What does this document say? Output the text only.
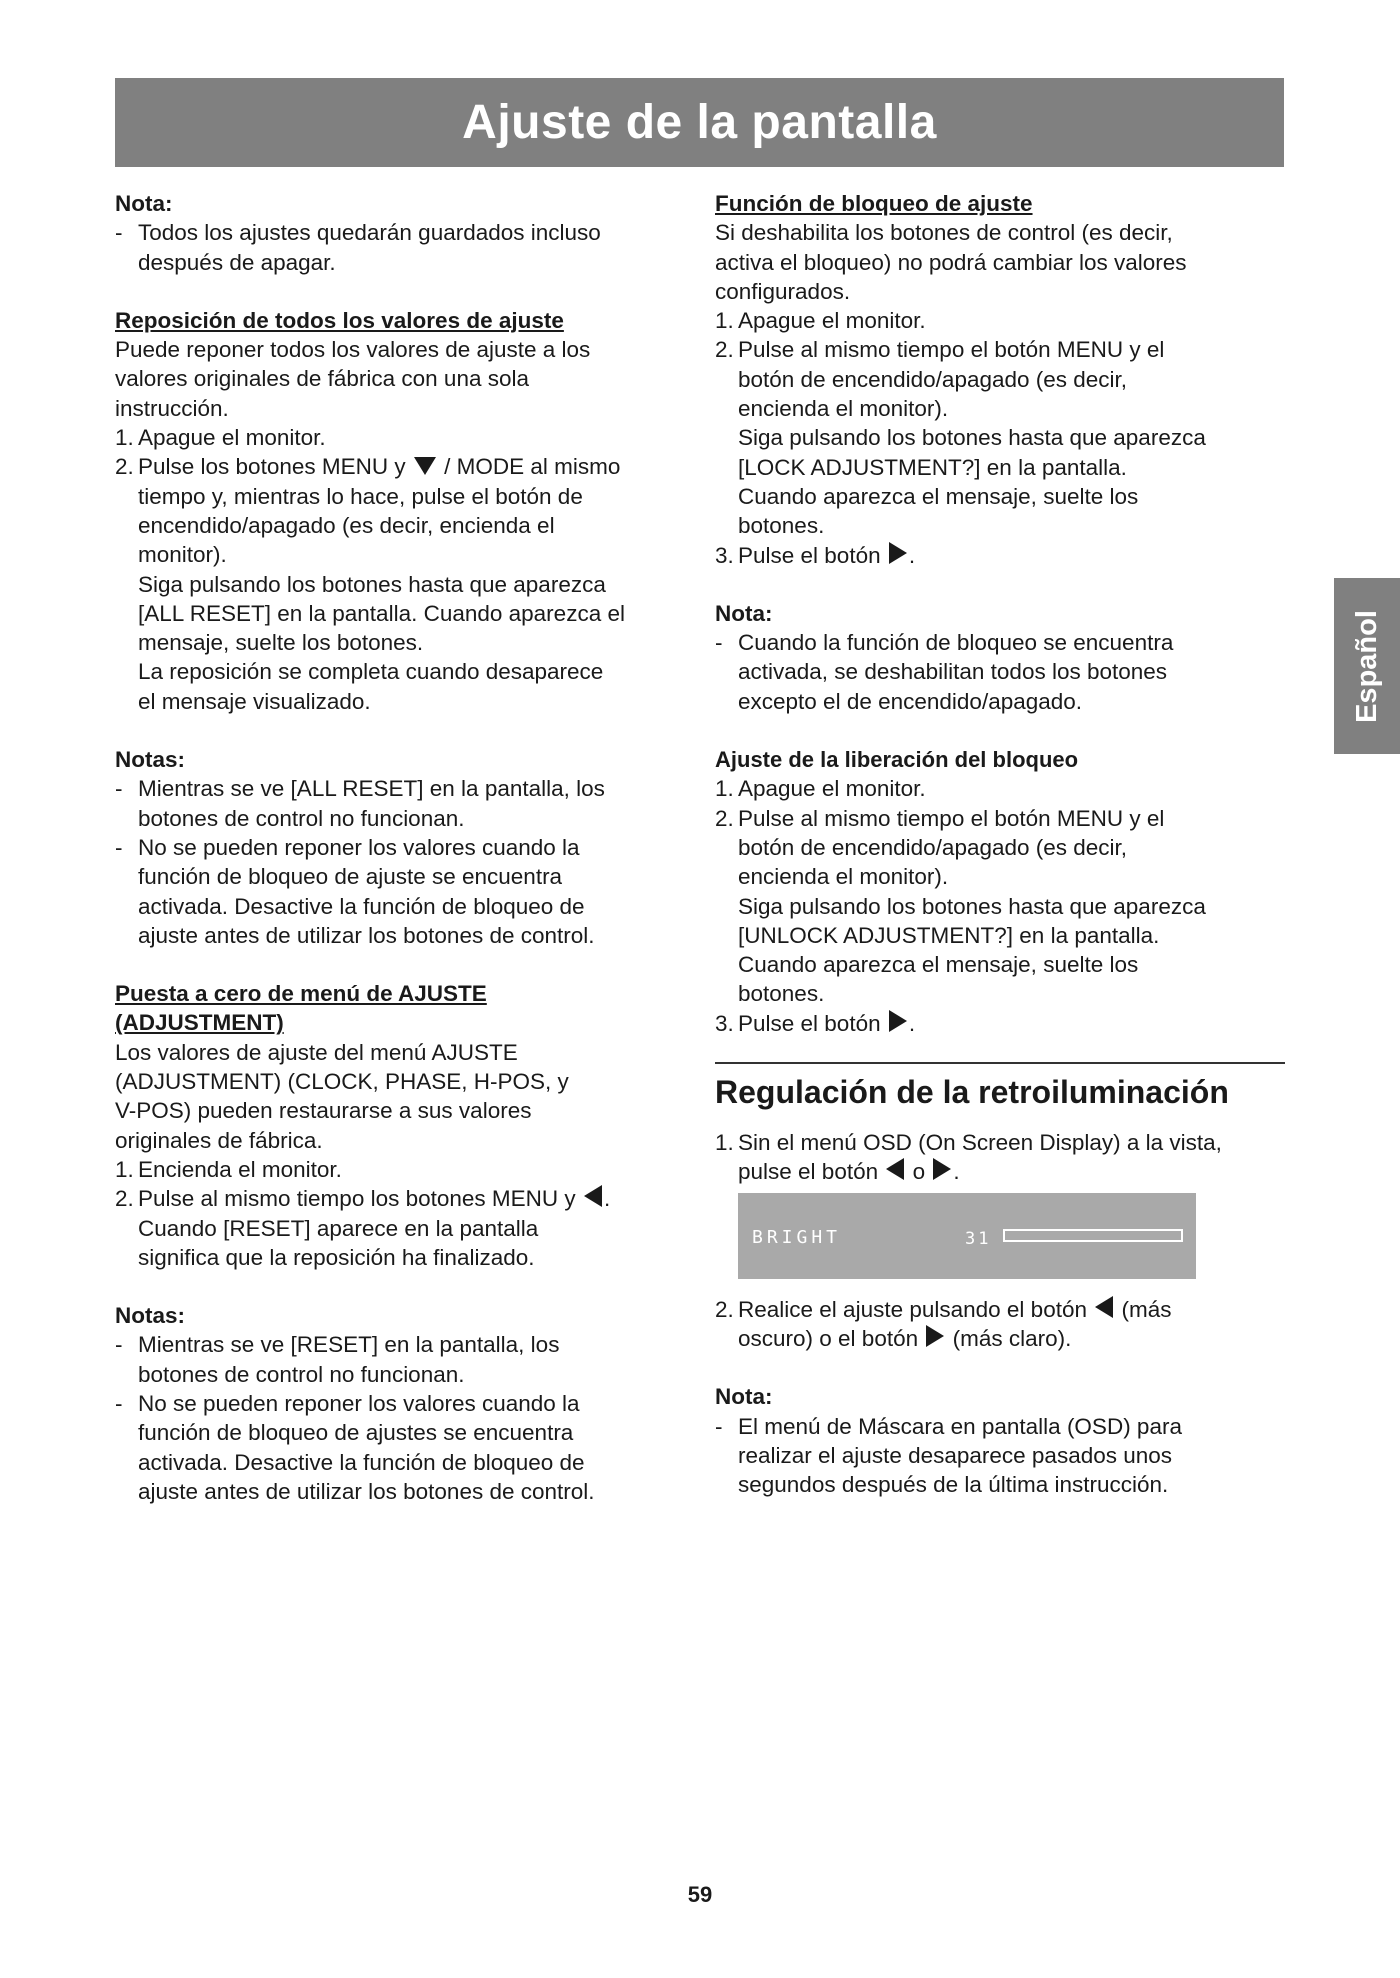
Ajuste de la pantalla
Español

Nota:

- Todos los ajustes quedarán guardados incluso
después de apagar.

Reposición de todos los valores de ajuste

Puede reponer todos los valores de ajuste a los

valores originales de fábrica con una sola

instrucción.

1. Apague el monitor.
2. Pulse los botones MENU y / MODE al mismo
tiempo y, mientras lo hace, pulse el botón de
encendido/apagado (es decir, encienda el
monitor).
Siga pulsando los botones hasta que aparezca
[ALL RESET] en la pantalla. Cuando aparezca el
mensaje, suelte los botones.
La reposición se completa cuando desaparece
el mensaje visualizado.

Notas:

- Mientras se ve [ALL RESET] en la pantalla, los
botones de control no funcionan.
- No se pueden reponer los valores cuando la
función de bloqueo de ajuste se encuentra
activada. Desactive la función de bloqueo de
ajuste antes de utilizar los botones de control.

Puesta a cero de menú de AJUSTE

(ADJUSTMENT)

Los valores de ajuste del menú AJUSTE

(ADJUSTMENT) (CLOCK, PHASE, H-POS, y

V-POS) pueden restaurarse a sus valores

originales de fábrica.

1. Encienda el monitor.
2. Pulse al mismo tiempo los botones MENU y .
Cuando [RESET] aparece en la pantalla
significa que la reposición ha finalizado.

Notas:

- Mientras se ve [RESET] en la pantalla, los
botones de control no funcionan.
- No se pueden reponer los valores cuando la
función de bloqueo de ajustes se encuentra
activada. Desactive la función de bloqueo de
ajuste antes de utilizar los botones de control.

Función de bloqueo de ajuste

Si deshabilita los botones de control (es decir,

activa el bloqueo) no podrá cambiar los valores

configurados.

1. Apague el monitor.
2. Pulse al mismo tiempo el botón MENU y el
botón de encendido/apagado (es decir,
encienda el monitor).
Siga pulsando los botones hasta que aparezca
[LOCK ADJUSTMENT?] en la pantalla.
Cuando aparezca el mensaje, suelte los
botones.
3. Pulse el botón .

Nota:

- Cuando la función de bloqueo se encuentra
activada, se deshabilitan todos los botones
excepto el de encendido/apagado.

Ajuste de la liberación del bloqueo

1. Apague el monitor.
2. Pulse al mismo tiempo el botón MENU y el
botón de encendido/apagado (es decir,
encienda el monitor).
Siga pulsando los botones hasta que aparezca
[UNLOCK ADJUSTMENT?] en la pantalla.
Cuando aparezca el mensaje, suelte los
botones.
3. Pulse el botón .

Regulación de la retroiluminación

1. Sin el menú OSD (On Screen Display) a la vista,
pulse el botón o .
BRIGHT	31
2. Realice el ajuste pulsando el botón (más
oscuro) o el botón (más claro).

Nota:

- El menú de Máscara en pantalla (OSD) para
realizar el ajuste desaparece pasados unos
segundos después de la última instrucción.
59
